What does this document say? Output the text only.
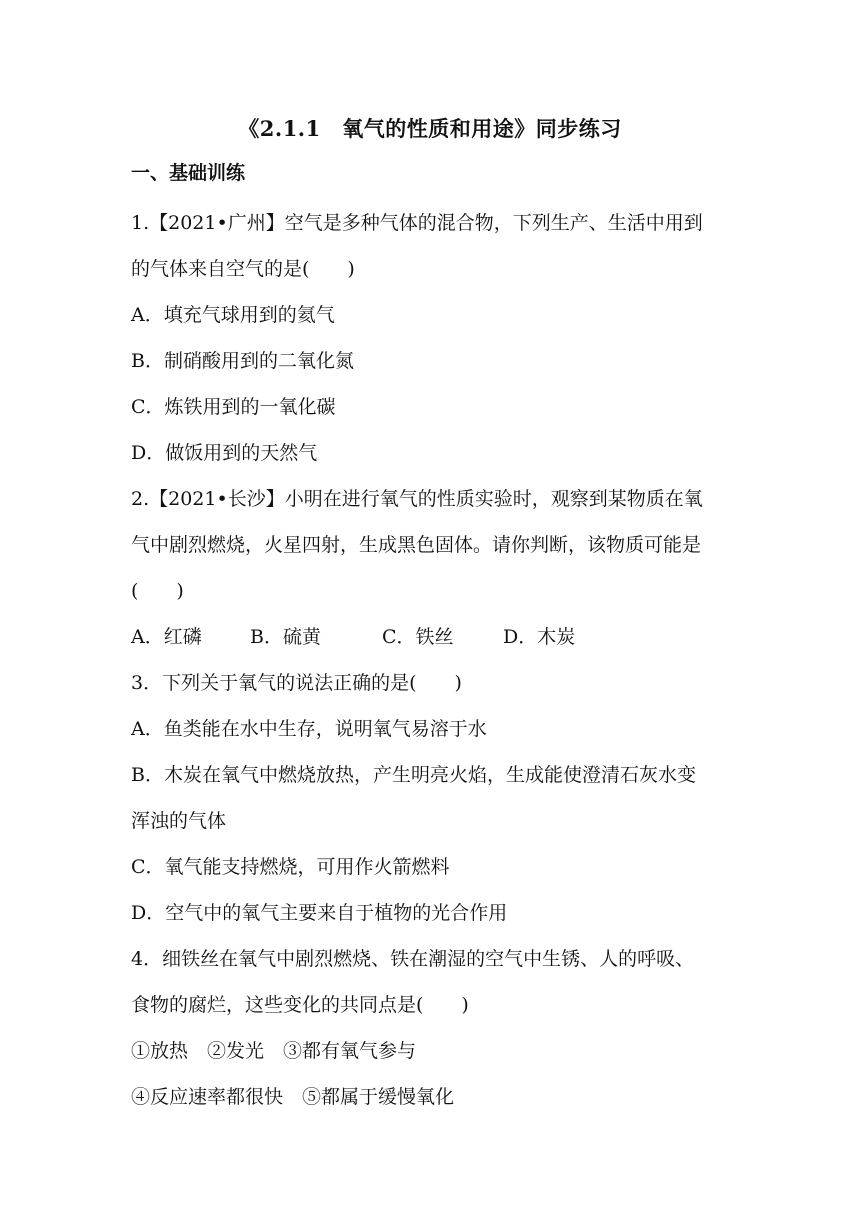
《2.1.1　氧气的性质和用途》同步练习
一、基础训练
1.【2021•广州】空气是多种气体的混合物，下列生产、生活中用到
的气体来自空气的是(　　)
A．填充气球用到的氦气
B．制硝酸用到的二氧化氮
C．炼铁用到的一氧化碳
D．做饭用到的天然气
2.【2021•长沙】小明在进行氧气的性质实验时，观察到某物质在氧
气中剧烈燃烧，火星四射，生成黑色固体。请你判断，该物质可能是
(　　)
A．红磷	B．硫黄	C．铁丝	D．木炭
3．下列关于氧气的说法正确的是(　　)
A．鱼类能在水中生存，说明氧气易溶于水
B．木炭在氧气中燃烧放热，产生明亮火焰，生成能使澄清石灰水变
浑浊的气体
C．氧气能支持燃烧，可用作火箭燃料
D．空气中的氧气主要来自于植物的光合作用
4．细铁丝在氧气中剧烈燃烧、铁在潮湿的空气中生锈、人的呼吸、
食物的腐烂，这些变化的共同点是(　　)
①放热　②发光　③都有氧气参与
④反应速率都很快　⑤都属于缓慢氧化
